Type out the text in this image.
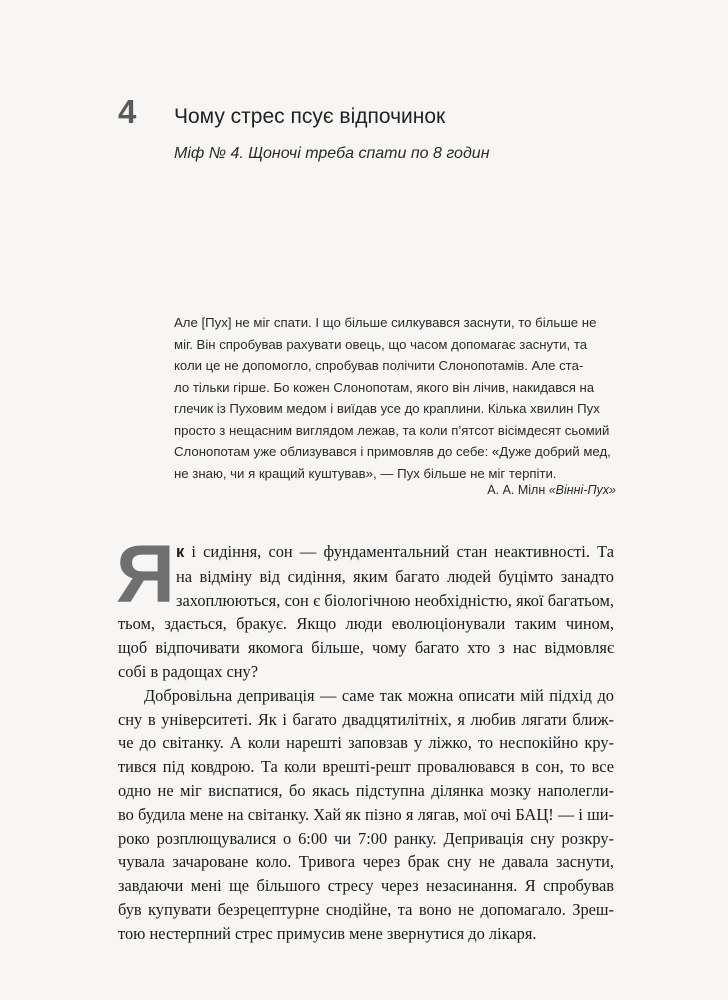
4	Чому стрес псує відпочинок
Міф № 4. Щоночі треба спати по 8 годин
Але [Пух] не міг спати. І що більше силкувався заснути, то більше не
міг. Він спробував рахувати овець, що часом допомагає заснути, та
коли це не допомогло, спробував полічити Слонопотамів. Але ста-
ло тільки гірше. Бо кожен Слонопотам, якого він лічив, накидався на
глечик із Пуховим медом і виїдав усе до краплини. Кілька хвилин Пух
просто з нещасним виглядом лежав, та коли п’ятсот вісімдесят сьомий
Слонопотам уже облизувався і примовляв до себе: «Дуже добрий мед,
не знаю, чи я кращий куштував», — Пух більше не міг терпіти.
А. А. Мілн «Вінні-Пух»
Я к і сидіння, сон — фундаментальний стан неактивності. Та
на відміну від сидіння, яким багато людей буцімто занадто
захоплюються, сон є біологічною необхідністю, якої багатьом,
тьом, здається, бракує. Якщо люди еволюціонували таким чином,
щоб відпочивати якомога більше, чому багато хто з нас відмовляє
собі в радощах сну?
Добровільна депривація — саме так можна описати мій підхід до
сну в університеті. Як і багато двадцятилітніх, я любив лягати ближ-
че до світанку. А коли нарешті заповзав у ліжко, то неспокійно кру-
тився під ковдрою. Та коли врешті-решт провалювався в сон, то все
одно не міг виспатися, бо якась підступна ділянка мозку наполегли-
во будила мене на світанку. Хай як пізно я лягав, мої очі БАЦ! — і ши-
роко розплющувалися о 6:00 чи 7:00 ранку. Депривація сну розкру-
чувала зачароване коло. Тривога через брак сну не давала заснути,
завдаючи мені ще більшого стресу через незасинання. Я спробував
був купувати безрецептурне снодійне, та воно не допомагало. Зреш-
тою нестерпний стрес примусив мене звернутися до лікаря.
